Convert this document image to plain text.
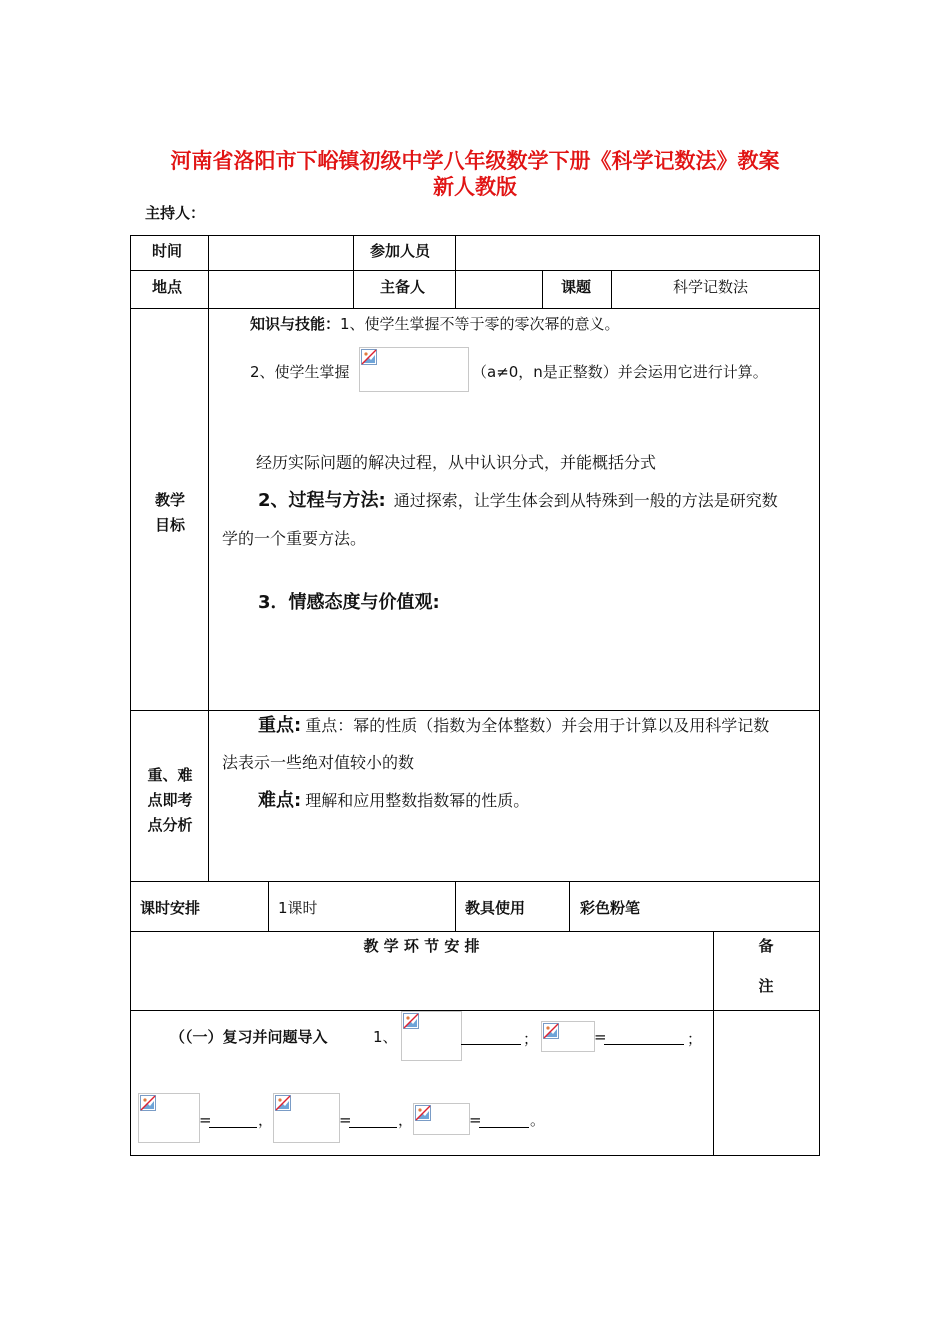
河南省洛阳市下峪镇初级中学八年级数学下册《科学记数法》教案
新人教版
主持人：
时间	参加人员
地点	主备人	课题	科学记数法
教学目标
知识与技能：1、使学生掌握不等于零的零次幂的意义。
2、使学生掌握	（a≠0，n是正整数）并会运用它进行计算。
经历实际问题的解决过程，从中认识分式，并能概括分式
2、过程与方法: 通过探索，让学生体会到从特殊到一般的方法是研究数
学的一个重要方法。
3．情感态度与价值观:
重、难点即考点分析
重点: 重点：幂的性质（指数为全体整数）并会用于计算以及用科学记数
法表示一些绝对值较小的数
难点: 理解和应用整数指数幂的性质。
课时安排	1课时	教具使用	彩色粉笔
教 学 环 节 安 排	备
注
（（一）复习并问题导入	1、	；	=	；
=	，	=	，	=	。
